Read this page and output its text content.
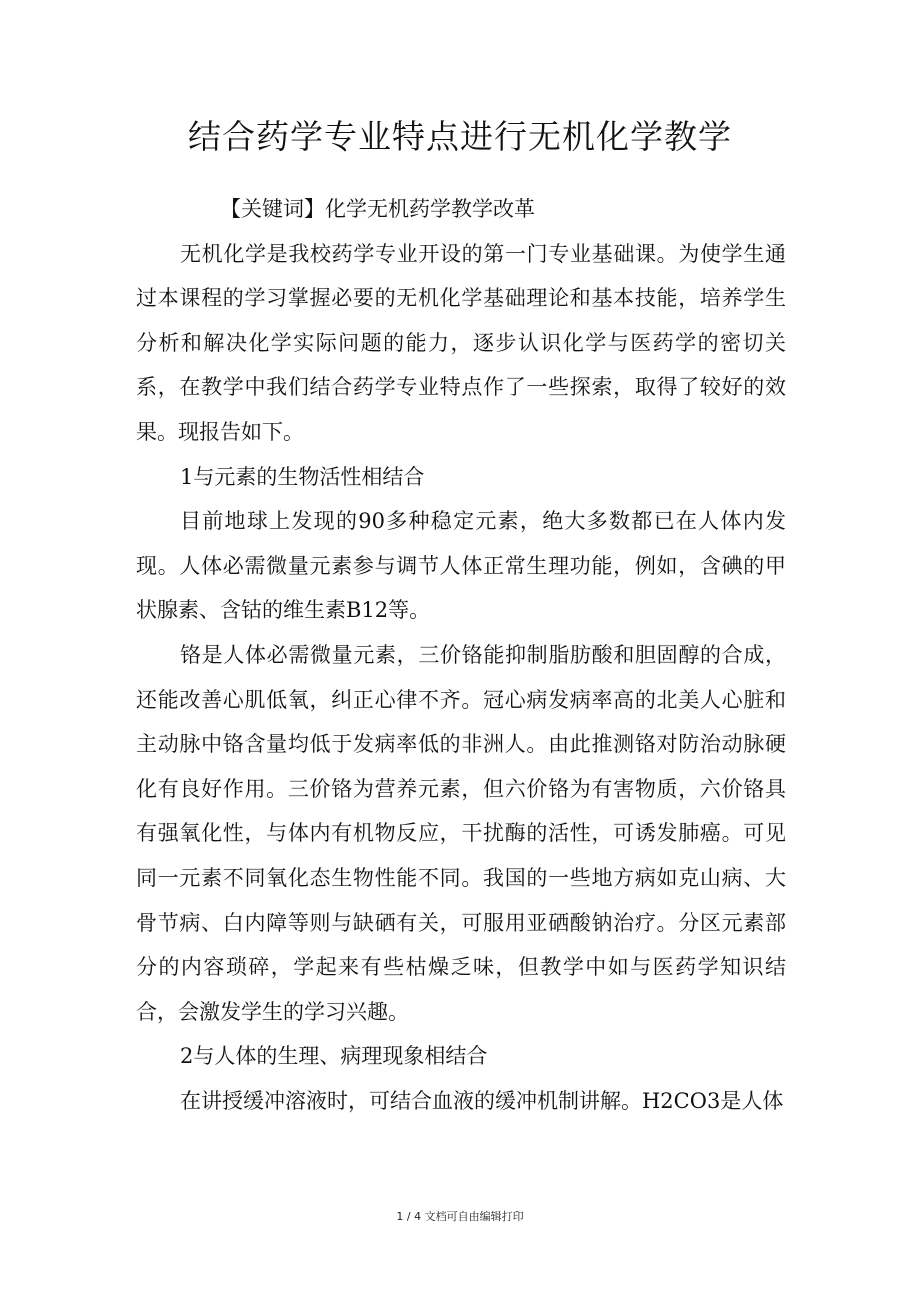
结合药学专业特点进行无机化学教学

【关键词】化学无机药学教学改革

无机化学是我校药学专业开设的第一门专业基础课。为使学生通过本课程的学习掌握必要的无机化学基础理论和基本技能，培养学生分析和解决化学实际问题的能力，逐步认识化学与医药学的密切关系，在教学中我们结合药学专业特点作了一些探索，取得了较好的效果。现报告如下。

1与元素的生物活性相结合

目前地球上发现的90多种稳定元素，绝大多数都已在人体内发现。人体必需微量元素参与调节人体正常生理功能，例如，含碘的甲状腺素、含钴的维生素B12等。

铬是人体必需微量元素，三价铬能抑制脂肪酸和胆固醇的合成，还能改善心肌低氧，纠正心律不齐。冠心病发病率高的北美人心脏和主动脉中铬含量均低于发病率低的非洲人。由此推测铬对防治动脉硬化有良好作用。三价铬为营养元素，但六价铬为有害物质，六价铬具有强氧化性，与体内有机物反应，干扰酶的活性，可诱发肺癌。可见同一元素不同氧化态生物性能不同。我国的一些地方病如克山病、大骨节病、白内障等则与缺硒有关，可服用亚硒酸钠治疗。分区元素部分的内容琐碎，学起来有些枯燥乏味，但教学中如与医药学知识结合，会激发学生的学习兴趣。

2与人体的生理、病理现象相结合

在讲授缓冲溶液时，可结合血液的缓冲机制讲解。H2CO3是人体

1 / 4 文档可自由编辑打印
